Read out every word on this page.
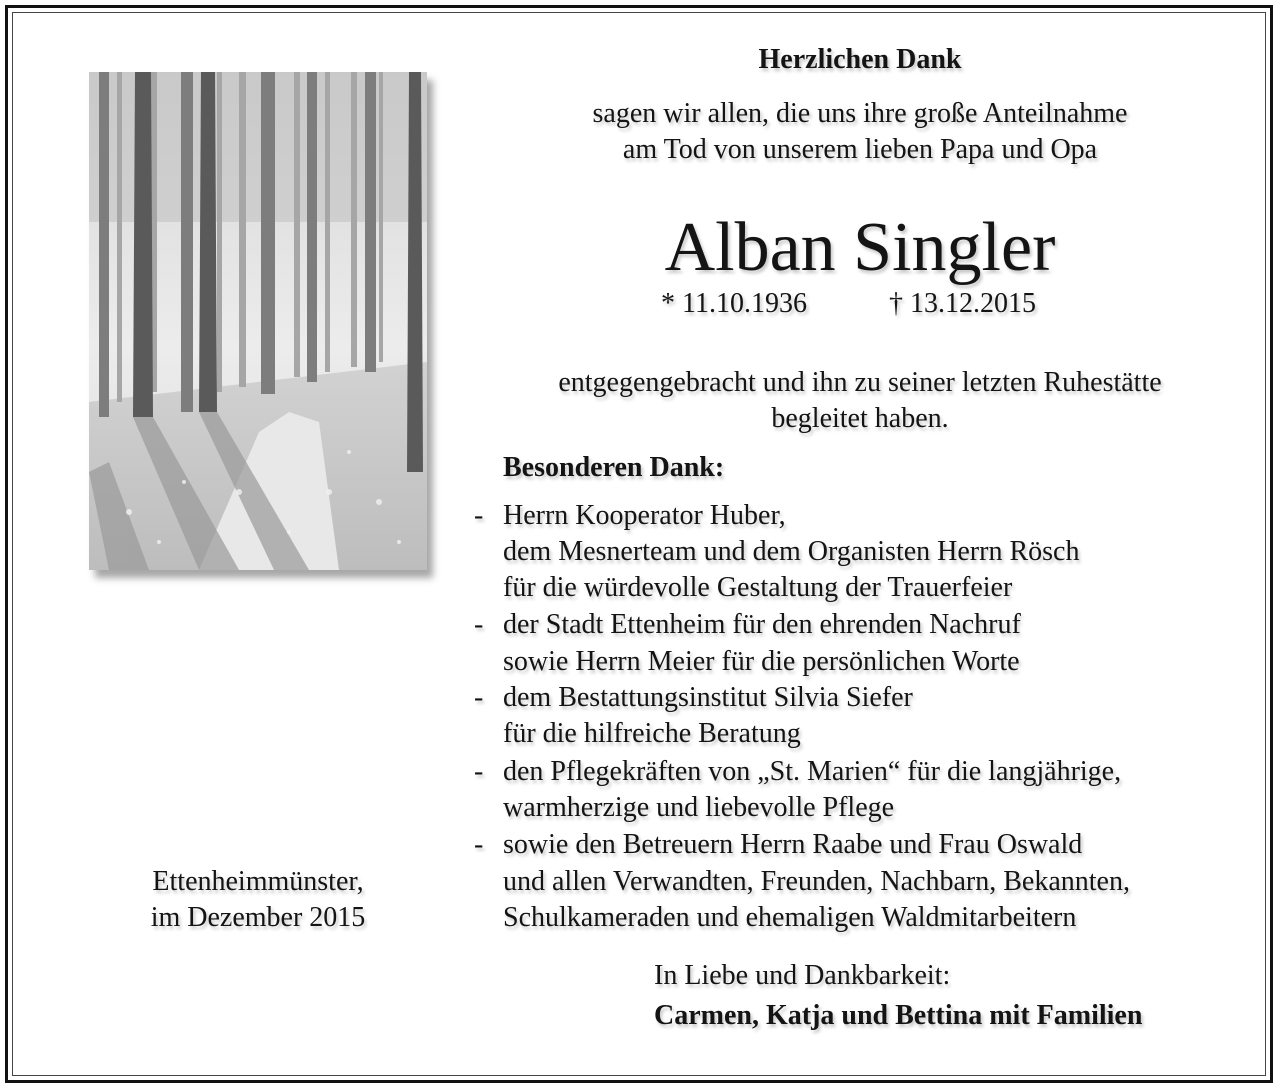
Herzlichen Dank
sagen wir allen, die uns ihre große Anteilnahme
am Tod von unserem lieben Papa und Opa
Alban Singler
* 11.10.1936	† 13.12.2015
entgegengebracht und ihn zu seiner letzten Ruhestätte
begleitet haben.
Besonderen Dank:
- Herrn Kooperator Huber,
dem Mesnerteam und dem Organisten Herrn Rösch
für die würdevolle Gestaltung der Trauerfeier
- der Stadt Ettenheim für den ehrenden Nachruf
sowie Herrn Meier für die persönlichen Worte
- dem Bestattungsinstitut Silvia Siefer
für die hilfreiche Beratung
- den Pflegekräften von „St. Marien“ für die langjährige,
warmherzige und liebevolle Pflege
- sowie den Betreuern Herrn Raabe und Frau Oswald
und allen Verwandten, Freunden, Nachbarn, Bekannten,
Schulkameraden und ehemaligen Waldmitarbeitern
Ettenheimmünster,
im Dezember 2015
In Liebe und Dankbarkeit:
Carmen, Katja und Bettina mit Familien
